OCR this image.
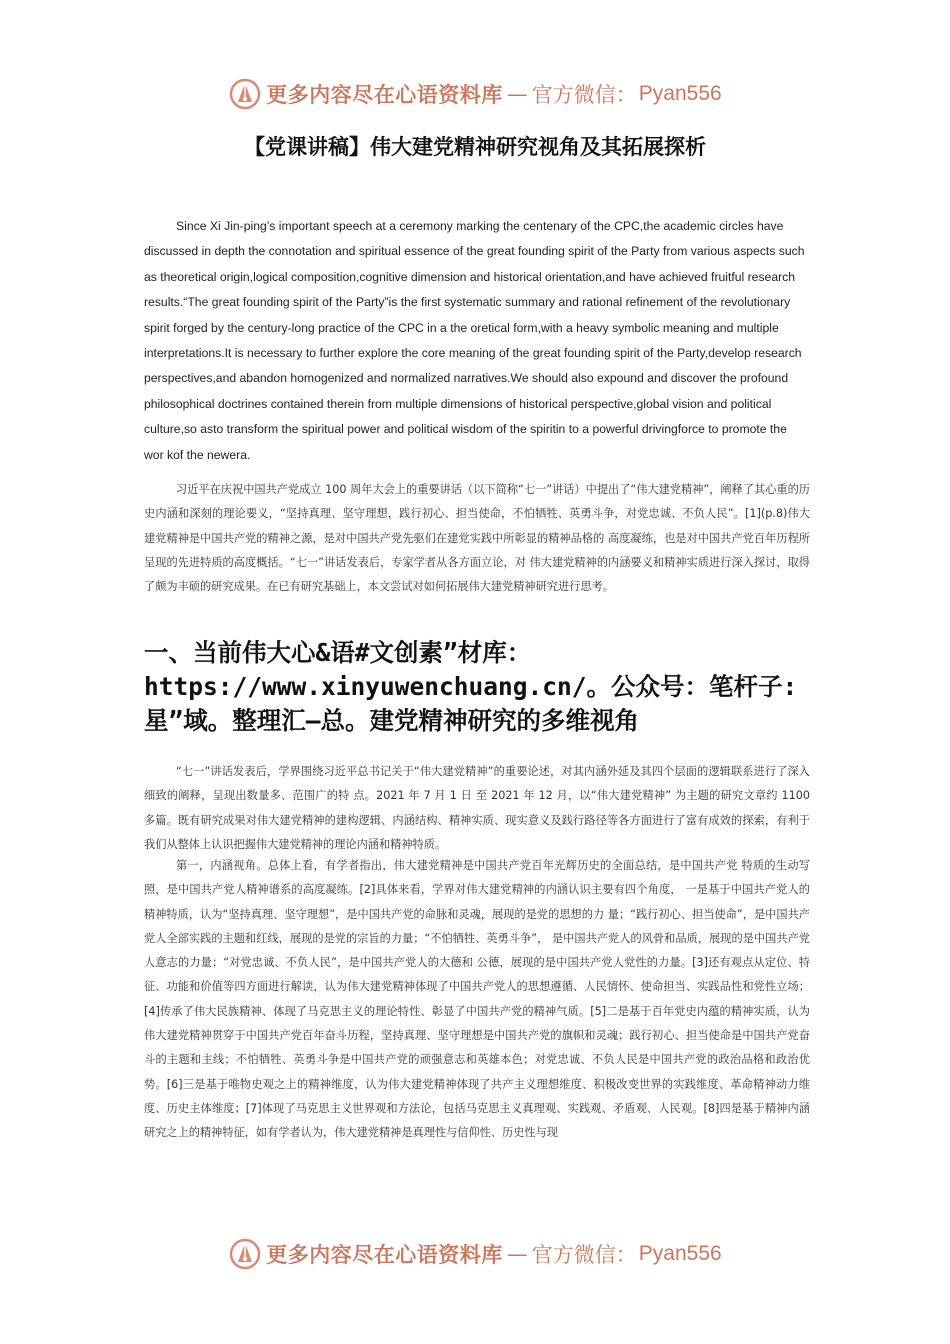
更多内容尽在心语资料库 — 官方微信： Pyan556
【党课讲稿】伟大建党精神研究视角及其拓展探析

Since Xi Jin-ping’s important speech at a ceremony marking the centenary of the CPC,the academic circles have discussed in depth the connotation and spiritual essence of the great founding spirit of the Party from various aspects such as theoretical origin,logical composition,cognitive dimension and historical orientation,and have achieved fruitful research results.“The great founding spirit of the Party”is the first systematic summary and rational refinement of the revolutionary spirit forged by the century-long practice of the CPC in a the oretical form,with a heavy symbolic meaning and multiple interpretations.It is necessary to further explore the core meaning of the great founding spirit of the Party,develop research perspectives,and abandon homogenized and normalized narratives.We should also expound and discover the profound philosophical doctrines contained therein from multiple dimensions of historical perspective,global vision and political culture,so asto transform the spiritual power and political wisdom of the spiritin to a powerful drivingforce to promote the wor kof the newera.

习近平在庆祝中国共产党成立 100 周年大会上的重要讲话（以下简称“七一”讲话）中提出了“伟大建党精神”，阐释了其心重的历史内涵和深刻的理论要义，“坚持真理、坚守理想，践行初心、担当使命，不怕牺牲、英勇斗争，对党忠诚、不负人民”。[1](p.8)伟大建党精神是中国共产党的精神之源，是对中国共产党先驱们在建党实践中所彰显的精神品格的 高度凝练，也是对中国共产党百年历程所呈现的先进特质的高度概括。“七一”讲话发表后，专家学者从各方面立论，对 伟大建党精神的内涵要义和精神实质进行深入探讨，取得了颇为丰硕的研究成果。在已有研究基础上，本文尝试对如何拓展伟大建党精神研究进行思考。

一、当前伟大心&语#文创素”材库：https://www.xinyuwenchuang.cn/。公众号：笔杆子:星”域。整理汇—总。建党精神研究的多维视角

“七一”讲话发表后，学界围绕习近平总书记关于“伟大建党精神”的重要论述，对其内涵外延及其四个层面的逻辑联系进行了深入细致的阐释，呈现出数量多、范围广的特 点。2021 年 7 月 1 日 至 2021 年 12 月，以“伟大建党精神” 为主题的研究文章约 1100 多篇。既有研究成果对伟大建党精神的建构逻辑、内涵结构、精神实质、现实意义及践行路径等各方面进行了富有成效的探索，有利于我们从整体上认识把握伟大建党精神的理论内涵和精神特质。

第一，内涵视角。总体上看，有学者指出，伟大建党精神是中国共产党百年光辉历史的全面总结，是中国共产党 特质的生动写照，是中国共产党人精神谱系的高度凝练。[2]具体来看，学界对伟大建党精神的内涵认识主要有四个角度， 一是基于中国共产党人的精神特质，认为“坚持真理、坚守理想”，是中国共产党的命脉和灵魂，展现的是党的思想的力 量；“践行初心、担当使命”，是中国共产党人全部实践的主题和红线，展现的是党的宗旨的力量；“不怕牺牲、英勇斗争”， 是中国共产党人的风骨和品质，展现的是中国共产党人意志的力量；“对党忠诚、不负人民”，是中国共产党人的大德和 公德，展现的是中国共产党人党性的力量。[3]还有观点从定位、特征、功能和价值等四方面进行解读，认为伟大建党精神体现了中国共产党人的思想遵循、人民情怀、使命担当、实践品性和党性立场；[4]传承了伟大民族精神、体现了马克思主义的理论特性、彰显了中国共产党的精神气质。[5]二是基于百年党史内蕴的精神实质，认为伟大建党精神贯穿于中国共产党百年奋斗历程，坚持真理、坚守理想是中国共产党的旗帜和灵魂；践行初心、担当使命是中国共产党奋斗的主题和主线；不怕牺牲、英勇斗争是中国共产党的顽强意志和英雄本色；对党忠诚、不负人民是中国共产党的政治品格和政治优势。[6]三是基于唯物史观之上的精神维度，认为伟大建党精神体现了共产主义理想维度、积极改变世界的实践维度、革命精神动力维度、历史主体维度；[7]体现了马克思主义世界观和方法论，包括马克思主义真理观、实践观、矛盾观、人民观。[8]四是基于精神内涵研究之上的精神特征，如有学者认为，伟大建党精神是真理性与信仰性、历史性与现

更多内容尽在心语资料库 — 官方微信： Pyan556
